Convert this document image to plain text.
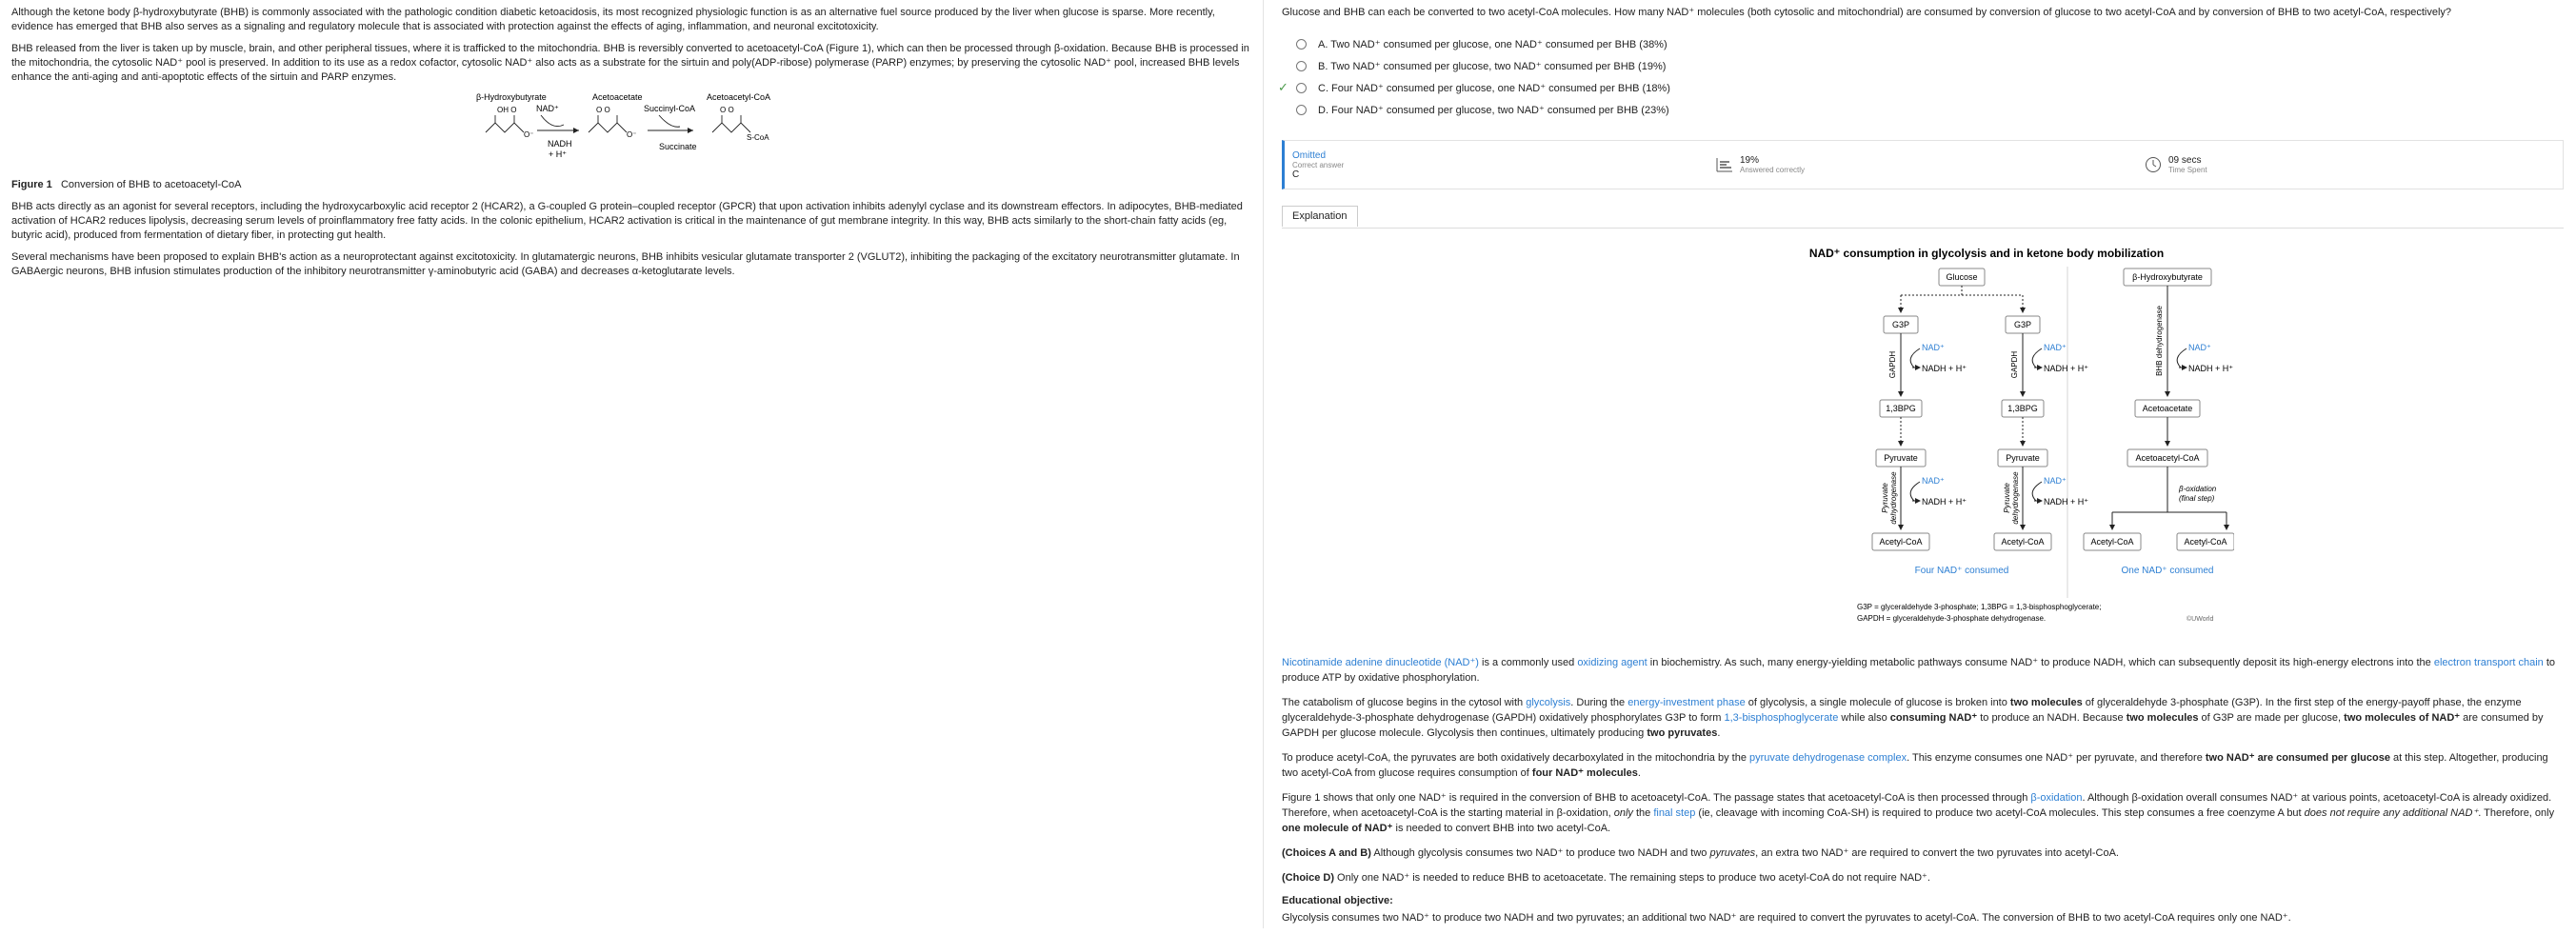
Although the ketone body β-hydroxybutyrate (BHB) is commonly associated with the pathologic condition diabetic ketoacidosis, its most recognized physiologic function is as an alternative fuel source produced by the liver when glucose is sparse. More recently, evidence has emerged that BHB also serves as a signaling and regulatory molecule that is associated with protection against the effects of aging, inflammation, and neuronal excitotoxicity.

BHB released from the liver is taken up by muscle, brain, and other peripheral tissues, where it is trafficked to the mitochondria. BHB is reversibly converted to acetoacetyl-CoA (Figure 1), which can then be processed through β-oxidation. Because BHB is processed in the mitochondria, the cytosolic NAD⁺ pool is preserved. In addition to its use as a redox cofactor, cytosolic NAD⁺ also acts as a substrate for the sirtuin and poly(ADP-ribose) polymerase (PARP) enzymes; by preserving the cytosolic NAD⁺ pool, increased BHB levels enhance the anti-aging and anti-apoptotic effects of the sirtuin and PARP enzymes.

β-Hydroxybutyrate	Acetoacetate	Acetoacetyl-CoA
OH O
O⁻
NAD⁺
NADH
+ H⁺
O O
O⁻
Succinyl-CoA
Succinate
O O
S-CoA

Figure 1 Conversion of BHB to acetoacetyl-CoA

BHB acts directly as an agonist for several receptors, including the hydroxycarboxylic acid receptor 2 (HCAR2), a G-coupled G protein–coupled receptor (GPCR) that upon activation inhibits adenylyl cyclase and its downstream effectors. In adipocytes, BHB-mediated activation of HCAR2 reduces lipolysis, decreasing serum levels of proinflammatory free fatty acids. In the colonic epithelium, HCAR2 activation is critical in the maintenance of gut membrane integrity. In this way, BHB acts similarly to the short-chain fatty acids (eg, butyric acid), produced from fermentation of dietary fiber, in protecting gut health.

Several mechanisms have been proposed to explain BHB's action as a neuroprotectant against excitotoxicity. In glutamatergic neurons, BHB inhibits vesicular glutamate transporter 2 (VGLUT2), inhibiting the packaging of the excitatory neurotransmitter glutamate. In GABAergic neurons, BHB infusion stimulates production of the inhibitory neurotransmitter γ-aminobutyric acid (GABA) and decreases α-ketoglutarate levels.

Glucose and BHB can each be converted to two acetyl-CoA molecules. How many NAD⁺ molecules (both cytosolic and mitochondrial) are consumed by conversion of glucose to two acetyl-CoA and by conversion of BHB to two acetyl-CoA, respectively?
A. Two NAD⁺ consumed per glucose, one NAD⁺ consumed per BHB (38%)
B. Two NAD⁺ consumed per glucose, two NAD⁺ consumed per BHB (19%)
✓	C. Four NAD⁺ consumed per glucose, one NAD⁺ consumed per BHB (18%)
D. Four NAD⁺ consumed per glucose, two NAD⁺ consumed per BHB (23%)
Omitted
Correct answer
C
19%
Answered correctly
09 secs
Time Spent
Explanation
NAD⁺ consumption in glycolysis and in ketone body mobilization
Glucose
G3P
GAPDH
NAD⁺
NADH + H⁺
1,3BPG
Pyruvate
Pyruvate dehydrogenase	NAD⁺
NADH + H⁺
Acetyl-CoA
G3P
GAPDH
NAD⁺
NADH + H⁺
1,3BPG
Pyruvate
Pyruvate dehydrogenase	NAD⁺
NADH + H⁺
Acetyl-CoA
β-Hydroxybutyrate
BHB dehydrogenase	NAD⁺
NADH + H⁺
Acetoacetate
Acetoacetyl-CoA
β-oxidation
(final step)
Acetyl-CoA	Acetyl-CoA
Four NAD⁺ consumed	One NAD⁺ consumed
G3P = glyceraldehyde 3-phosphate; 1,3BPG = 1,3-bisphosphoglycerate;
GAPDH = glyceraldehyde-3-phosphate dehydrogenase.	©UWorld

Nicotinamide adenine dinucleotide (NAD⁺) is a commonly used oxidizing agent in biochemistry. As such, many energy-yielding metabolic pathways consume NAD⁺ to produce NADH, which can subsequently deposit its high-energy electrons into the electron transport chain to produce ATP by oxidative phosphorylation.

The catabolism of glucose begins in the cytosol with glycolysis. During the energy-investment phase of glycolysis, a single molecule of glucose is broken into two molecules of glyceraldehyde 3-phosphate (G3P). In the first step of the energy-payoff phase, the enzyme glyceraldehyde-3-phosphate dehydrogenase (GAPDH) oxidatively phosphorylates G3P to form 1,3-bisphosphoglycerate while also consuming NAD⁺ to produce an NADH. Because two molecules of G3P are made per glucose, two molecules of NAD⁺ are consumed by GAPDH per glucose molecule. Glycolysis then continues, ultimately producing two pyruvates.

To produce acetyl-CoA, the pyruvates are both oxidatively decarboxylated in the mitochondria by the pyruvate dehydrogenase complex. This enzyme consumes one NAD⁺ per pyruvate, and therefore two NAD⁺ are consumed per glucose at this step. Altogether, producing two acetyl-CoA from glucose requires consumption of four NAD⁺ molecules.

Figure 1 shows that only one NAD⁺ is required in the conversion of BHB to acetoacetyl-CoA. The passage states that acetoacetyl-CoA is then processed through β-oxidation. Although β-oxidation overall consumes NAD⁺ at various points, acetoacetyl-CoA is already oxidized. Therefore, when acetoacetyl-CoA is the starting material in β-oxidation, only the final step (ie, cleavage with incoming CoA-SH) is required to produce two acetyl-CoA molecules. This step consumes a free coenzyme A but does not require any additional NAD⁺. Therefore, only one molecule of NAD⁺ is needed to convert BHB into two acetyl-CoA.

(Choices A and B) Although glycolysis consumes two NAD⁺ to produce two NADH and two pyruvates, an extra two NAD⁺ are required to convert the two pyruvates into acetyl-CoA.

(Choice D) Only one NAD⁺ is needed to reduce BHB to acetoacetate. The remaining steps to produce two acetyl-CoA do not require NAD⁺.

Educational objective:

Glycolysis consumes two NAD⁺ to produce two NADH and two pyruvates; an additional two NAD⁺ are required to convert the pyruvates to acetyl-CoA. The conversion of BHB to two acetyl-CoA requires only one NAD⁺.
